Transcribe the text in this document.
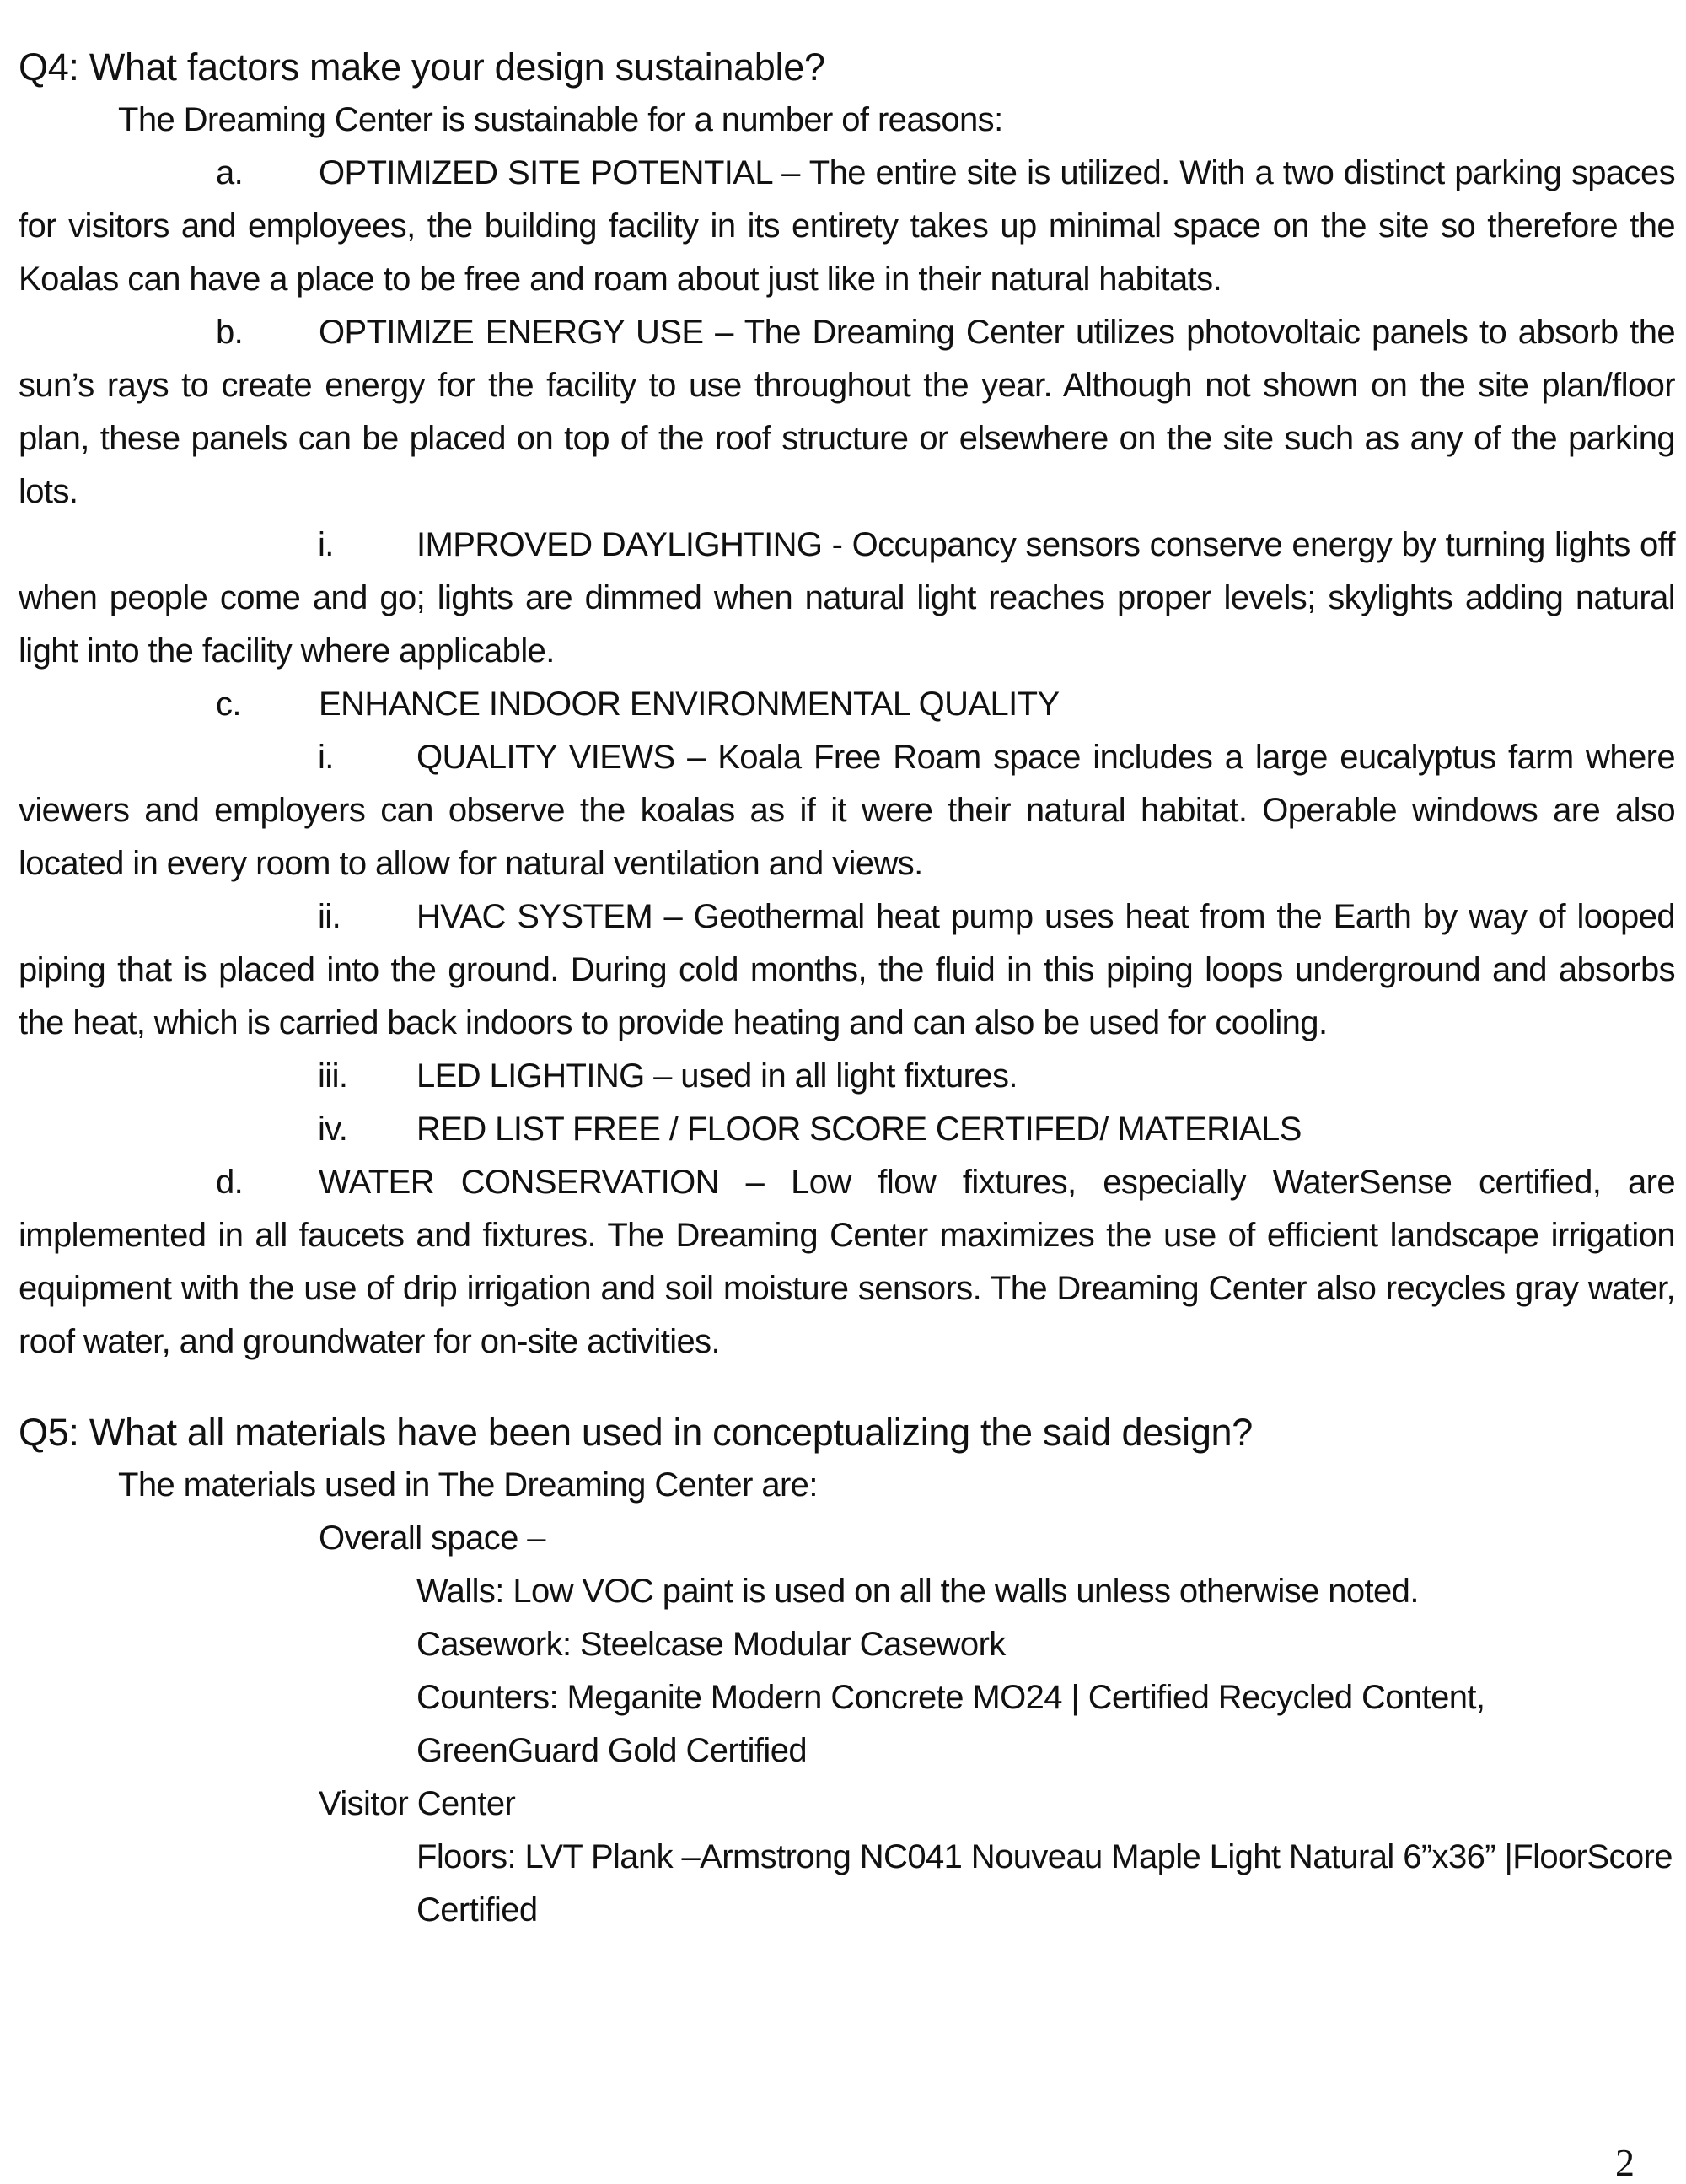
Q4: What factors make your design sustainable?
The Dreaming Center is sustainable for a number of reasons:
a. OPTIMIZED SITE POTENTIAL – The entire site is utilized. With a two distinct parking spaces for visitors and employees, the building facility in its entirety takes up minimal space on the site so therefore the Koalas can have a place to be free and roam about just like in their natural habitats.
b. OPTIMIZE ENERGY USE – The Dreaming Center utilizes photovoltaic panels to absorb the sun’s rays to create energy for the facility to use throughout the year. Although not shown on the site plan/floor plan, these panels can be placed on top of the roof structure or elsewhere on the site such as any of the parking lots.
i. IMPROVED DAYLIGHTING - Occupancy sensors conserve energy by turning lights off when people come and go; lights are dimmed when natural light reaches proper levels; skylights adding natural light into the facility where applicable.
c. ENHANCE INDOOR ENVIRONMENTAL QUALITY
i. QUALITY VIEWS – Koala Free Roam space includes a large eucalyptus farm where viewers and employers can observe the koalas as if it were their natural habitat. Operable windows are also located in every room to allow for natural ventilation and views.
ii. HVAC SYSTEM – Geothermal heat pump uses heat from the Earth by way of looped piping that is placed into the ground. During cold months, the fluid in this piping loops underground and absorbs the heat, which is carried back indoors to provide heating and can also be used for cooling.
iii. LED LIGHTING – used in all light fixtures.
iv. RED LIST FREE / FLOOR SCORE CERTIFED/ MATERIALS
d. WATER CONSERVATION – Low flow fixtures, especially WaterSense certified, are implemented in all faucets and fixtures. The Dreaming Center maximizes the use of efficient landscape irrigation equipment with the use of drip irrigation and soil moisture sensors. The Dreaming Center also recycles gray water, roof water, and groundwater for on-site activities.
Q5: What all materials have been used in conceptualizing the said design?
The materials used in The Dreaming Center are:
Overall space –
Walls: Low VOC paint is used on all the walls unless otherwise noted.
Casework: Steelcase Modular Casework
Counters: Meganite Modern Concrete MO24 | Certified Recycled Content, GreenGuard Gold Certified
Visitor Center
Floors: LVT Plank –Armstrong NC041 Nouveau Maple Light Natural 6”x36” |FloorScore Certified
2
